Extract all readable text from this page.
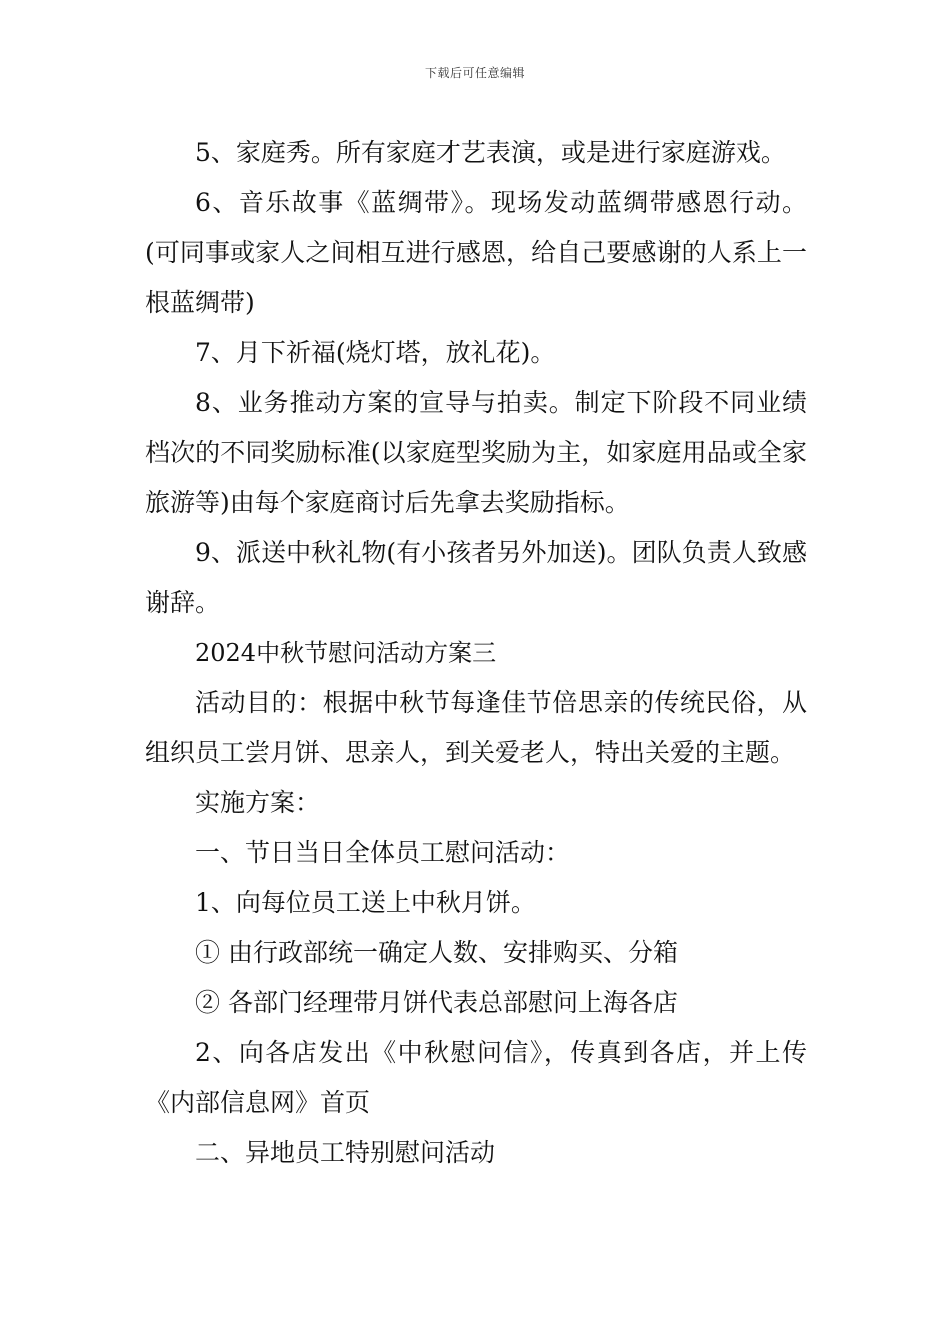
下载后可任意编辑

5、家庭秀。所有家庭才艺表演，或是进行家庭游戏。

6、音乐故事《蓝绸带》。现场发动蓝绸带感恩行动。(可同事或家人之间相互进行感恩，给自己要感谢的人系上一根蓝绸带)

7、月下祈福(烧灯塔，放礼花)。

8、业务推动方案的宣导与拍卖。制定下阶段不同业绩档次的不同奖励标准(以家庭型奖励为主，如家庭用品或全家旅游等)由每个家庭商讨后先拿去奖励指标。

9、派送中秋礼物(有小孩者另外加送)。团队负责人致感谢辞。

2024中秋节慰问活动方案三

活动目的：根据中秋节每逢佳节倍思亲的传统民俗，从组织员工尝月饼、思亲人，到关爱老人，特出关爱的主题。

实施方案：

一、节日当日全体员工慰问活动：

1、向每位员工送上中秋月饼。

① 由行政部统一确定人数、安排购买、分箱

② 各部门经理带月饼代表总部慰问上海各店

2、向各店发出《中秋慰问信》，传真到各店，并上传《内部信息网》首页

二、异地员工特别慰问活动
